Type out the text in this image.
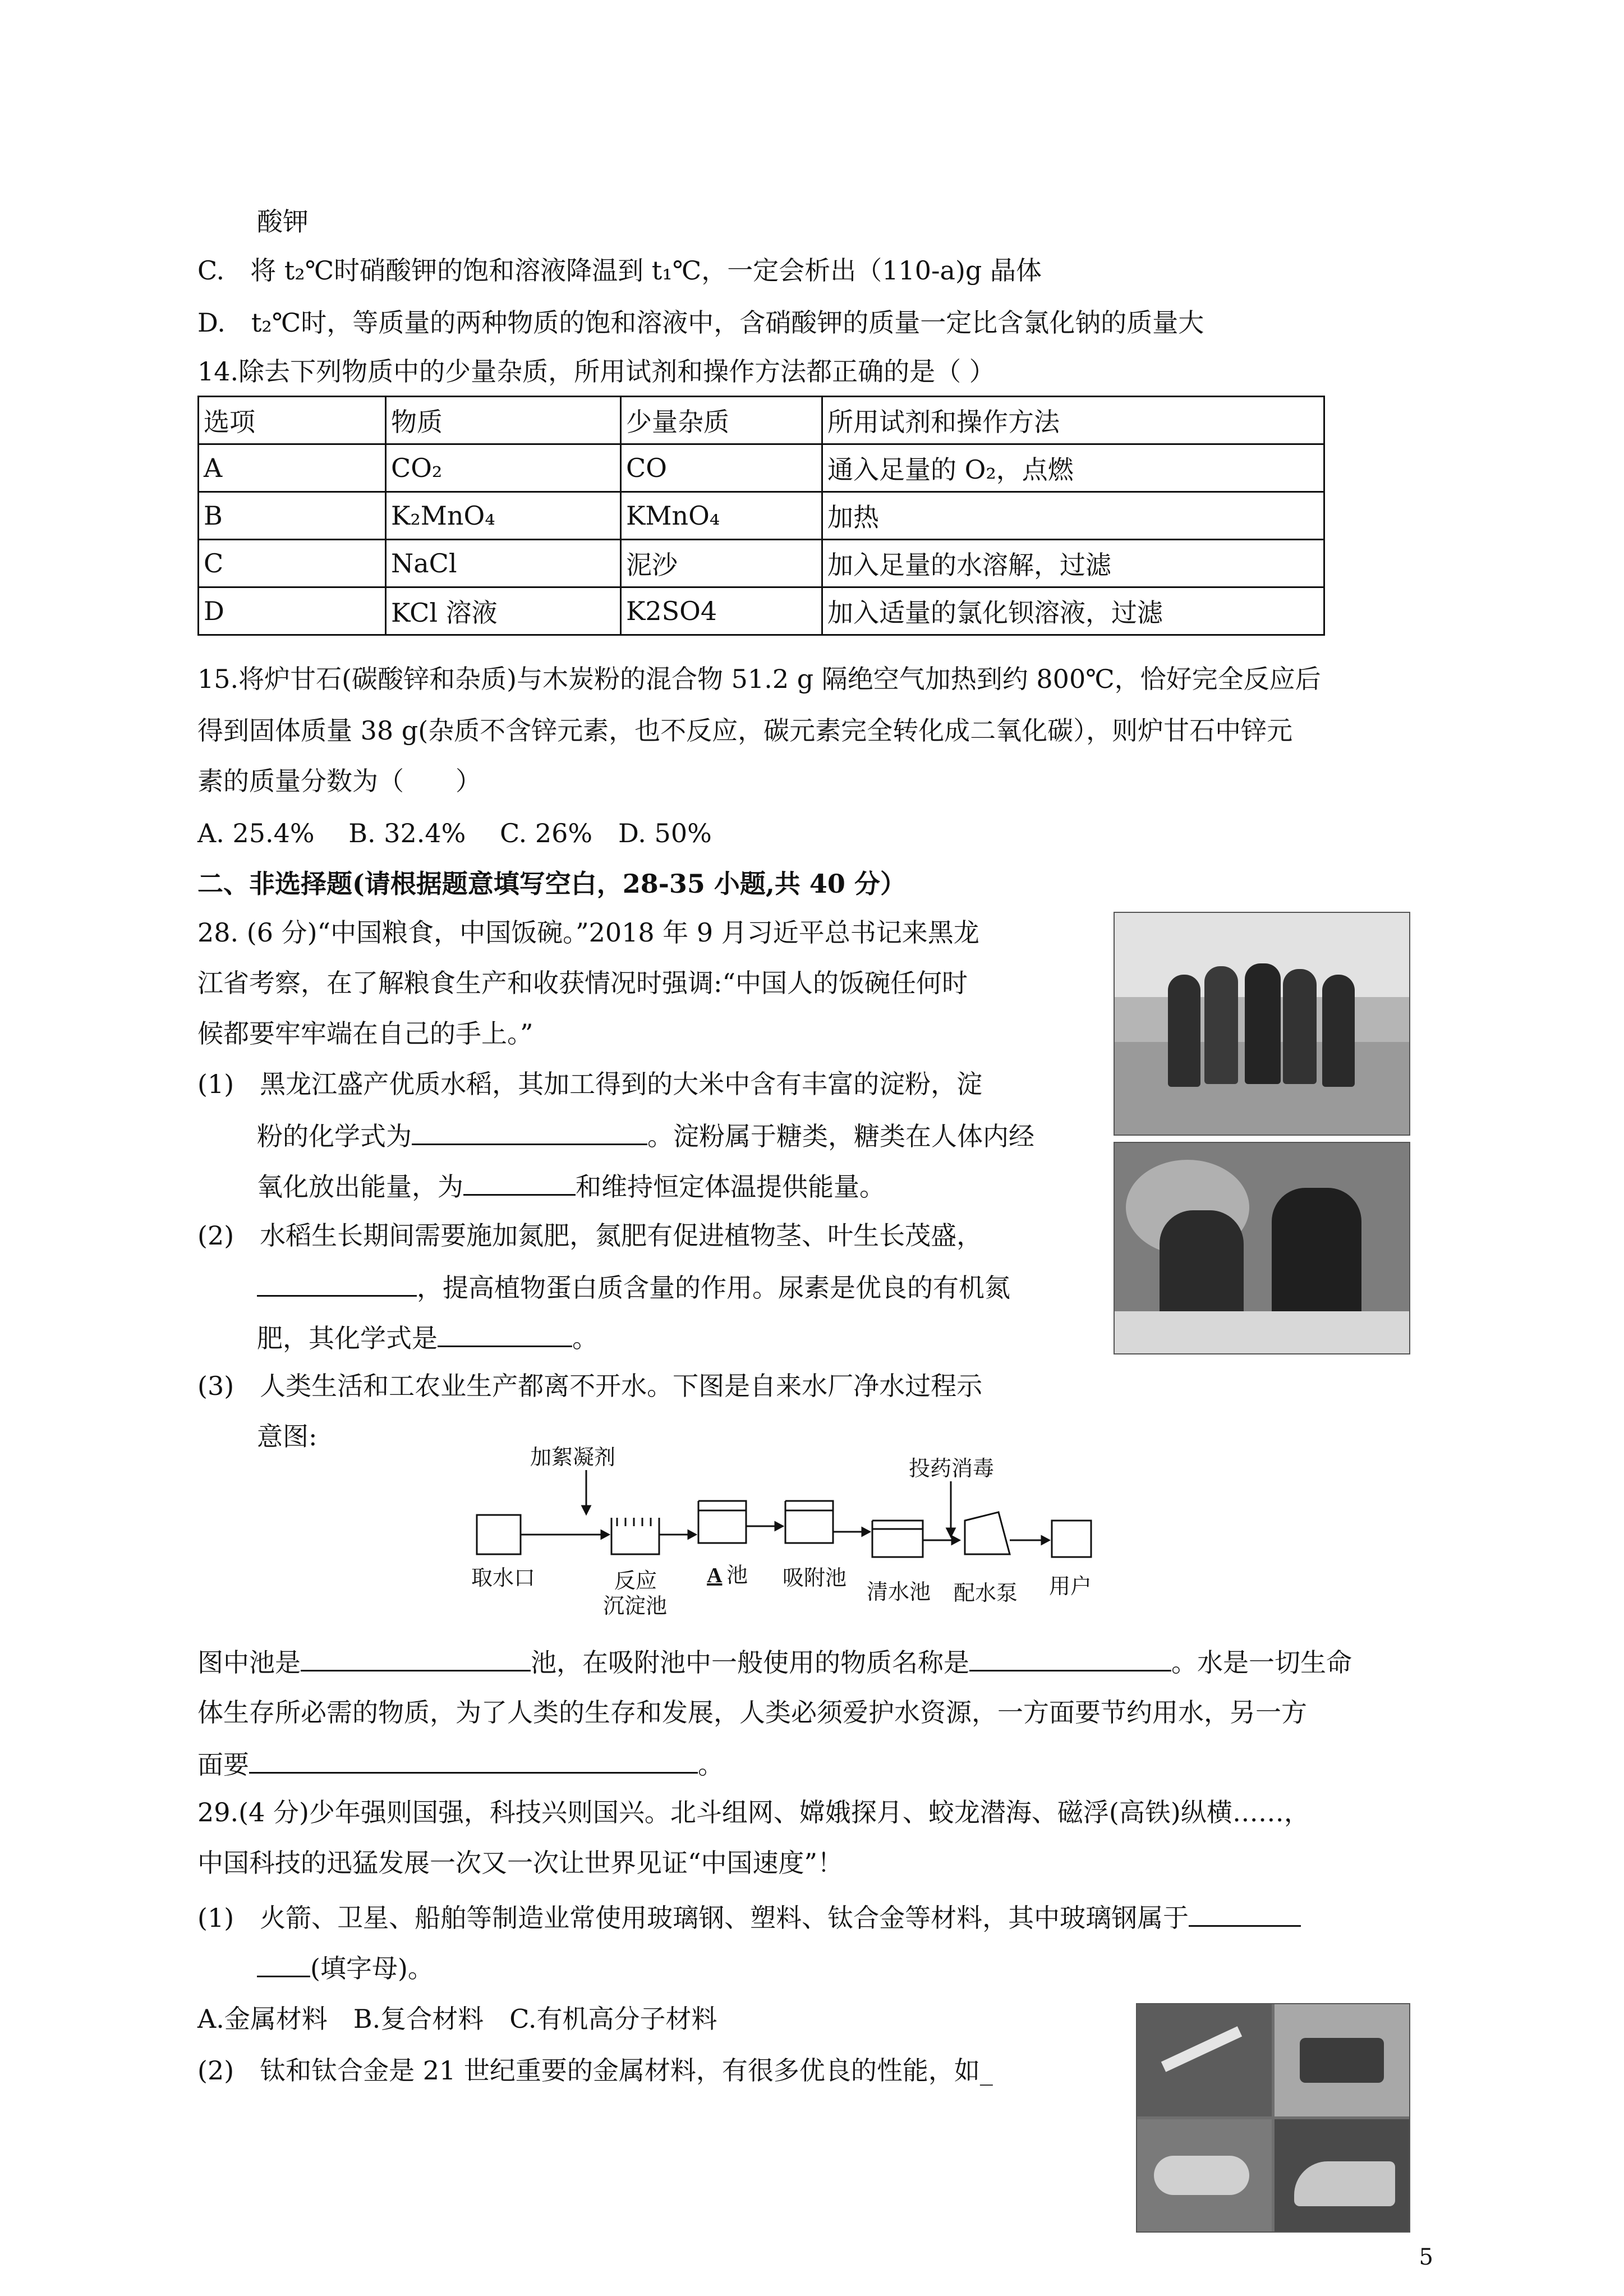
酸钾
C.　将 t₂℃时硝酸钾的饱和溶液降温到 t₁℃，一定会析出（110-a)g 晶体
D.　t₂℃时，等质量的两种物质的饱和溶液中，含硝酸钾的质量一定比含氯化钠的质量大
14.除去下列物质中的少量杂质，所用试剂和操作方法都正确的是（ ）
选项	物质	少量杂质	所用试剂和操作方法
A	CO₂	CO	通入足量的 O₂，点燃
B	K₂MnO₄	KMnO₄	加热
C	NaCl	泥沙	加入足量的水溶解，过滤
D	KCl 溶液	K2SO4	加入适量的氯化钡溶液，过滤
15.将炉甘石(碳酸锌和杂质)与木炭粉的混合物 51.2 g 隔绝空气加热到约 800℃，恰好完全反应后
得到固体质量 38 g(杂质不含锌元素，也不反应，碳元素完全转化成二氧化碳），则炉甘石中锌元
素的质量分数为（　　）
A. 25.4%　 B. 32.4%　 C. 26%　D. 50%
二、非选择题(请根据题意填写空白，28-35 小题,共 40 分）
28. (6 分)“中国粮食，中国饭碗。”2018 年 9 月习近平总书记来黑龙
江省考察，在了解粮食生产和收获情况时强调:“中国人的饭碗任何时
候都要牢牢端在自己的手上。”
(1)　黑龙江盛产优质水稻，其加工得到的大米中含有丰富的淀粉，淀
粉的化学式为	。淀粉属于糖类，糖类在人体内经
氧化放出能量，为	和维持恒定体温提供能量。
(2)　水稻生长期间需要施加氮肥，氮肥有促进植物茎、叶生长茂盛，
，提高植物蛋白质含量的作用。尿素是优良的有机氮
肥，其化学式是	。
(3)　人类生活和工农业生产都离不开水。下图是自来水厂净水过程示
意图:
加絮凝剂	投药消毒
取水口	反应
沉淀池
A 池 吸附池
清水池 配水泵 用户
图中池是	池，在吸附池中一般使用的物质名称是	。水是一切生命
体生存所必需的物质，为了人类的生存和发展，人类必须爱护水资源，一方面要节约用水，另一方
面要	。
29.(4 分)少年强则国强，科技兴则国兴。北斗组网、嫦娥探月、蛟龙潜海、磁浮(高铁)纵横……，
中国科技的迅猛发展一次又一次让世界见证“中国速度”！
(1)　火箭、卫星、船舶等制造业常使用玻璃钢、塑料、钛合金等材料，其中玻璃钢属于
(填字母)。
A.金属材料　B.复合材料　C.有机高分子材料
(2)　钛和钛合金是 21 世纪重要的金属材料，有很多优良的性能，如_
5
